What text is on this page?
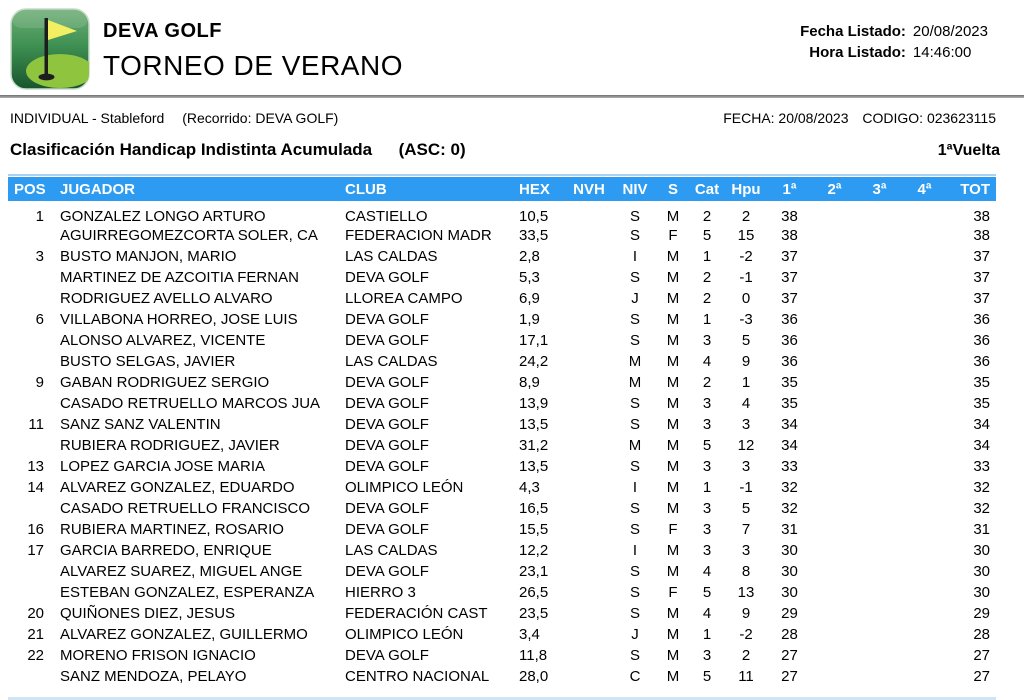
DEVA GOLF
TORNEO DE VERANO
Fecha Listado: 20/08/2023
Hora Listado: 14:46:00
INDIVIDUAL - Stableford (Recorrido: DEVA GOLF)	FECHA: 20/08/2023 CODIGO: 023623115
Clasificación Handicap Indistinta Acumulada (ASC: 0)	1ªVuelta
POS	JUGADOR	CLUB	HEX	NVH	NIV	S	Cat	Hpu	1ª	2ª	3ª	4ª	TOT
1	GONZALEZ LONGO ARTURO	CASTIELLO	10,5		S	M	2	2	38				38
	AGUIRREGOMEZCORTA SOLER, CA	FEDERACION MADR	33,5		S	F	5	15	38				38
3	BUSTO MANJON, MARIO	LAS CALDAS	2,8		I	M	1	-2	37				37
	MARTINEZ DE AZCOITIA FERNAN	DEVA GOLF	5,3		S	M	2	-1	37				37
	RODRIGUEZ AVELLO ALVARO	LLOREA CAMPO	6,9		J	M	2	0	37				37
6	VILLABONA HORREO, JOSE LUIS	DEVA GOLF	1,9		S	M	1	-3	36				36
	ALONSO ALVAREZ, VICENTE	DEVA GOLF	17,1		S	M	3	5	36				36
	BUSTO SELGAS, JAVIER	LAS CALDAS	24,2		M	M	4	9	36				36
9	GABAN RODRIGUEZ SERGIO	DEVA GOLF	8,9		M	M	2	1	35				35
	CASADO RETRUELLO MARCOS JUA	DEVA GOLF	13,9		S	M	3	4	35				35
11	SANZ SANZ VALENTIN	DEVA GOLF	13,5		S	M	3	3	34				34
	RUBIERA RODRIGUEZ, JAVIER	DEVA GOLF	31,2		M	M	5	12	34				34
13	LOPEZ GARCIA JOSE MARIA	DEVA GOLF	13,5		S	M	3	3	33				33
14	ALVAREZ GONZALEZ, EDUARDO	OLIMPICO LEÓN	4,3		I	M	1	-1	32				32
	CASADO RETRUELLO FRANCISCO	DEVA GOLF	16,5		S	M	3	5	32				32
16	RUBIERA MARTINEZ, ROSARIO	DEVA GOLF	15,5		S	F	3	7	31				31
17	GARCIA BARREDO, ENRIQUE	LAS CALDAS	12,2		I	M	3	3	30				30
	ALVAREZ SUAREZ, MIGUEL ANGE	DEVA GOLF	23,1		S	M	4	8	30				30
	ESTEBAN GONZALEZ, ESPERANZA	HIERRO 3	26,5		S	F	5	13	30				30
20	QUIÑONES DIEZ, JESUS	FEDERACIÓN CAST	23,5		S	M	4	9	29				29
21	ALVAREZ GONZALEZ, GUILLERMO	OLIMPICO LEÓN	3,4		J	M	1	-2	28				28
22	MORENO FRISON IGNACIO	DEVA GOLF	11,8		S	M	3	2	27				27
	SANZ MENDOZA, PELAYO	CENTRO NACIONAL	28,0		C	M	5	11	27				27
